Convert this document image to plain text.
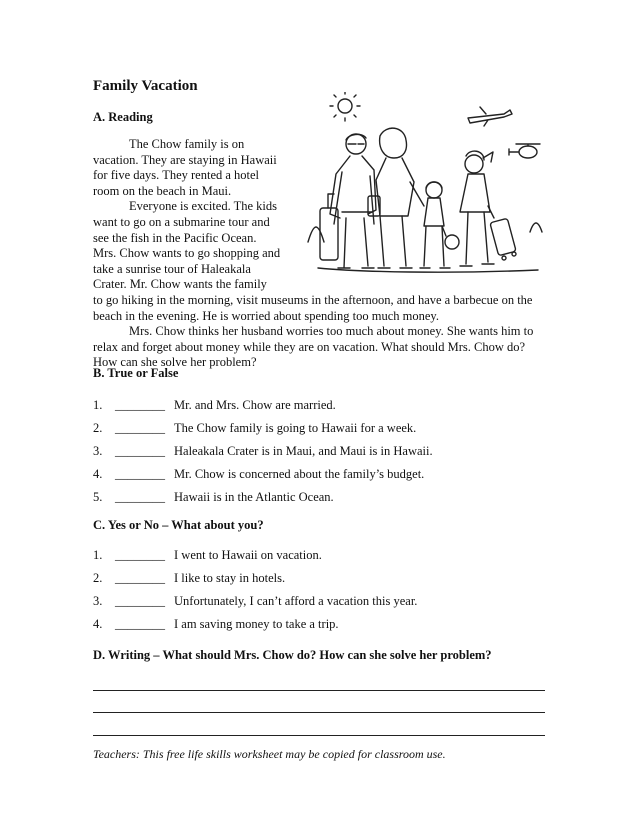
Family Vacation
A. Reading

The Chow family is on

vacation. They are staying in Hawaii

for five days. They rented a hotel

room on the beach in Maui.

Everyone is excited. The kids

want to go on a submarine tour and

see the fish in the Pacific Ocean.

Mrs. Chow wants to go shopping and

take a sunrise tour of Haleakala

Crater. Mr. Chow wants the family

to go hiking in the morning, visit museums in the afternoon, and have a barbecue on the beach in the evening. He is worried about spending too much money.

Mrs. Chow thinks her husband worries too much about money. She wants him to relax and forget about money while they are on vacation. What should Mrs. Chow do? How can she solve her problem?

B. True or False
1. ________ Mr. and Mrs. Chow are married.
2. ________ The Chow family is going to Hawaii for a week.
3. ________ Haleakala Crater is in Maui, and Maui is in Hawaii.
4. ________ Mr. Chow is concerned about the family’s budget.
5. ________ Hawaii is in the Atlantic Ocean.
C. Yes or No – What about you?
1. ________ I went to Hawaii on vacation.
2. ________ I like to stay in hotels.
3. ________ Unfortunately, I can’t afford a vacation this year.
4. ________ I am saving money to take a trip.
D. Writing – What should Mrs. Chow do? How can she solve her problem?
Teachers: This free life skills worksheet may be copied for classroom use.
